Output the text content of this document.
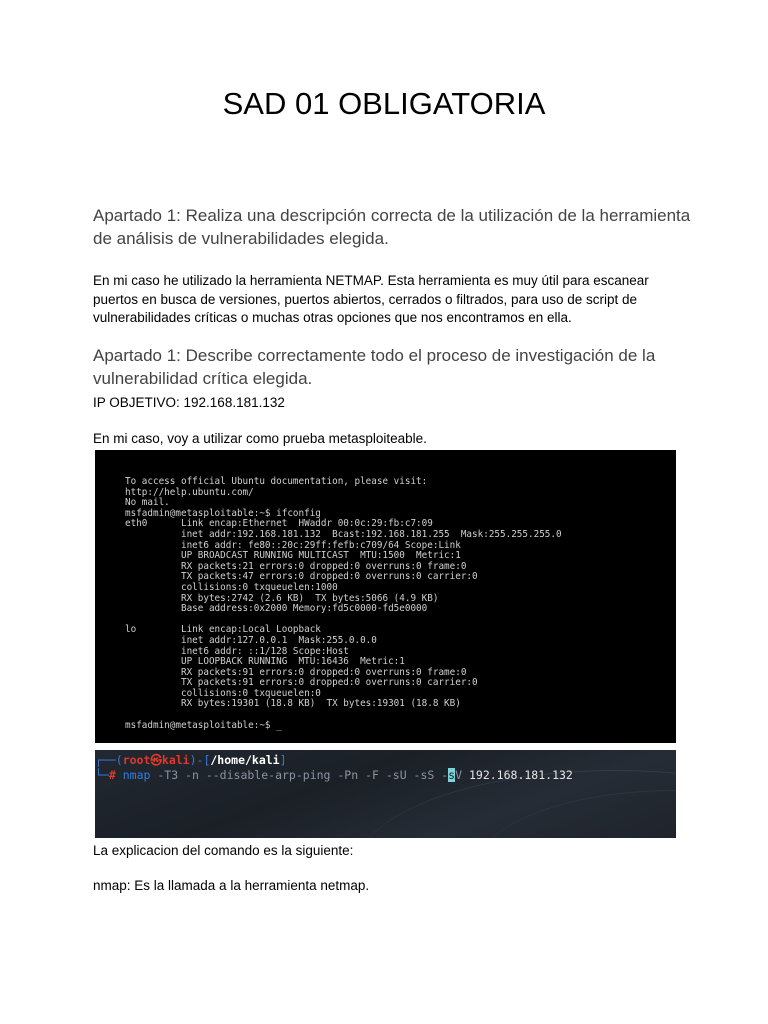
SAD 01 OBLIGATORIA

Apartado 1: Realiza una descripción correcta de la utilización de la herramienta de análisis de vulnerabilidades elegida.

En mi caso he utilizado la herramienta NETMAP. Esta herramienta es muy útil para escanear puertos en busca de versiones, puertos abiertos, cerrados o filtrados, para uso de script de vulnerabilidades críticas o muchas otras opciones que nos encontramos en ella.

Apartado 1: Describe correctamente todo el proceso de investigación de la vulnerabilidad crítica elegida.

IP OBJETIVO: 192.168.181.132

En mi caso, voy a utilizar como prueba metasploiteable.

To access official Ubuntu documentation, please visit:
http://help.ubuntu.com/
No mail.
msfadmin@metasploitable:~$ ifconfig
eth0      Link encap:Ethernet  HWaddr 00:0c:29:fb:c7:09
inet addr:192.168.181.132  Bcast:192.168.181.255  Mask:255.255.255.0
inet6 addr: fe80::20c:29ff:fefb:c709/64 Scope:Link
UP BROADCAST RUNNING MULTICAST  MTU:1500  Metric:1
RX packets:21 errors:0 dropped:0 overruns:0 frame:0
TX packets:47 errors:0 dropped:0 overruns:0 carrier:0
collisions:0 txqueuelen:1000
RX bytes:2742 (2.6 KB)  TX bytes:5066 (4.9 KB)
Base address:0x2000 Memory:fd5c0000-fd5e0000

lo        Link encap:Local Loopback
inet addr:127.0.0.1  Mask:255.0.0.0
inet6 addr: ::1/128 Scope:Host
UP LOOPBACK RUNNING  MTU:16436  Metric:1
RX packets:91 errors:0 dropped:0 overruns:0 frame:0
TX packets:91 errors:0 dropped:0 overruns:0 carrier:0
collisions:0 txqueuelen:0
RX bytes:19301 (18.8 KB)  TX bytes:19301 (18.8 KB)

msfadmin@metasploitable:~$ _

┌──(root㉿kali)-[/home/kali]
└─# nmap -T3 -n --disable-arp-ping -Pn -F -sU -sS -sV 192.168.181.132

La explicacion del comando es la siguiente:

nmap: Es la llamada a la herramienta netmap.
